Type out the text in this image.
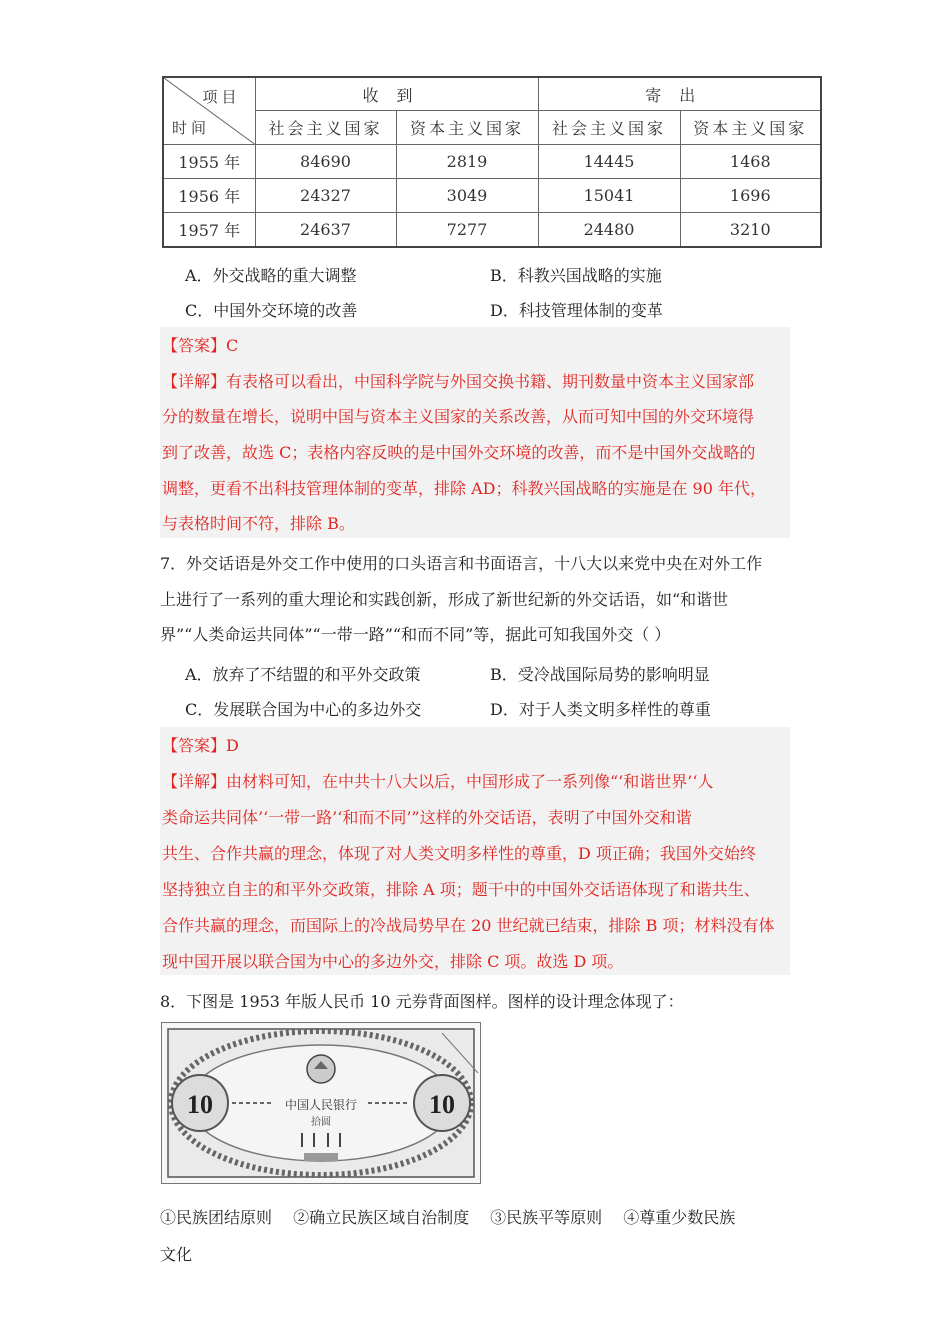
项目
时间	收到		寄出	
	社会主义国家	资本主义国家	社会主义国家	资本主义国家
1955 年	84690	2819	14445	1468
1956 年	24327	3049	15041	1696
1957 年	24637	7277	24480	3210
A．外交战略的重大调整	B．科教兴国战略的实施
C．中国外交环境的改善	D．科技管理体制的变革
【答案】C
【详解】有表格可以看出，中国科学院与外国交换书籍、期刊数量中资本主义国家部
分的数量在增长，说明中国与资本主义国家的关系改善，从而可知中国的外交环境得
到了改善，故选 C；表格内容反映的是中国外交环境的改善，而不是中国外交战略的
调整，更看不出科技管理体制的变革，排除 AD；科教兴国战略的实施是在 90 年代，
与表格时间不符，排除 B。
7．外交话语是外交工作中使用的口头语言和书面语言，十八大以来党中央在对外工作
上进行了一系列的重大理论和实践创新，形成了新世纪新的外交话语，如“和谐世
界”“人类命运共同体”“一带一路”“和而不同”等，据此可知我国外交（ ）
A．放弃了不结盟的和平外交政策	B．受冷战国际局势的影响明显
C．发展联合国为中心的多边外交	D．对于人类文明多样性的尊重
【答案】D
【详解】由材料可知，在中共十八大以后，中国形成了一系列像“‘和谐世界’‘人
类命运共同体’‘一带一路’‘和而不同’”这样的外交话语，表明了中国外交和谐
共生、合作共赢的理念，体现了对人类文明多样性的尊重，D 项正确；我国外交始终
坚持独立自主的和平外交政策，排除 A 项；题干中的中国外交话语体现了和谐共生、
合作共赢的理念，而国际上的冷战局势早在 20 世纪就已结束，排除 B 项；材料没有体
现中国开展以联合国为中心的多边外交，排除 C 项。故选 D 项。
8．下图是 1953 年版人民币 10 元券背面图样。图样的设计理念体现了：
10	10
中国人民银行
拾圆
①民族团结原则　 ②确立民族区域自治制度　 ③民族平等原则　 ④尊重少数民族
文化
